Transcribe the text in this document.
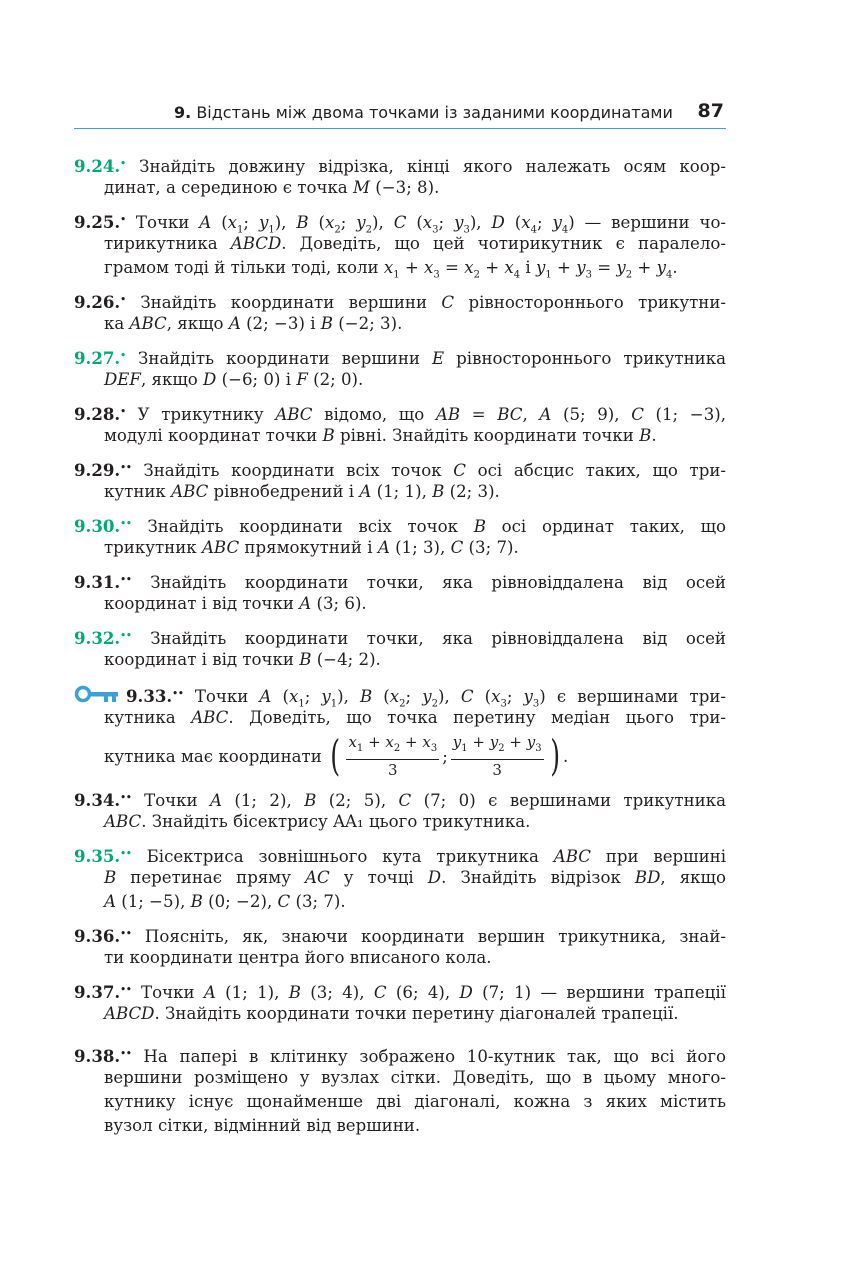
9. Відстань між двома точками із заданими координатами 87
9.24.• Знайдіть довжину відрізка, кінці якого належать осям коор-
динат, а серединою є точка M (−3; 8).
9.25.• Точки A ($x_1$; $y_1$), B ($x_2$; $y_2$), C ($x_3$; $y_3$), D ($x_4$; $y_4$) — вершини чо-
тирикутника ABCD. Доведіть, що цей чотирикутник є паралело-
грамом тоді й тільки тоді, коли $x_1 + x_3 = x_2 + x_4$ і $y_1 + y_3 = y_2 + y_4$.
9.26.• Знайдіть координати вершини C рівностороннього трикутни-
ка ABC, якщо A (2; −3) і B (−2; 3).
9.27.• Знайдіть координати вершини E рівностороннього трикутника
DEF, якщо D (−6; 0) і F (2; 0).
9.28.• У трикутнику ABC відомо, що AB = BC, A (5; 9), C (1; −3),
модулі координат точки B рівні. Знайдіть координати точки B.
9.29.•• Знайдіть координати всіх точок C осі абсцис таких, що три-
кутник ABC рівнобедрений і A (1; 1), B (2; 3).
9.30.•• Знайдіть координати всіх точок B осі ординат таких, що
трикутник ABC прямокутний і A (1; 3), C (3; 7).
9.31.•• Знайдіть координати точки, яка рівновіддалена від осей
координат і від точки A (3; 6).
9.32.•• Знайдіть координати точки, яка рівновіддалена від осей
координат і від точки B (−4; 2).
9.33.•• Точки A ($x_1$; $y_1$), B ($x_2$; $y_2$), C ($x_3$; $y_3$) є вершинами три-
кутника ABC. Доведіть, що точка перетину медіан цього три-
кутника має координати ( $\frac{x_1 + x_2 + x_3}{3}$ ; $\frac{y_1 + y_2 + y_3}{3}$ ) .
9.34.•• Точки A (1; 2), B (2; 5), C (7; 0) є вершинами трикутника
ABC. Знайдіть бісектрису AA₁ цього трикутника.
9.35.•• Бісектриса зовнішнього кута трикутника ABC при вершині
B перетинає пряму AC у точці D. Знайдіть відрізок BD, якщо
A (1; −5), B (0; −2), C (3; 7).
9.36.•• Поясніть, як, знаючи координати вершин трикутника, знай-
ти координати центра його вписаного кола.
9.37.•• Точки A (1; 1), B (3; 4), C (6; 4), D (7; 1) — вершини трапеції
ABCD. Знайдіть координати точки перетину діагоналей трапеції.
9.38.•• На папері в клітинку зображено 10-кутник так, що всі його
вершини розміщено у вузлах сітки. Доведіть, що в цьому много-
кутнику існує щонайменше дві діагоналі, кожна з яких містить
вузол сітки, відмінний від вершини.
